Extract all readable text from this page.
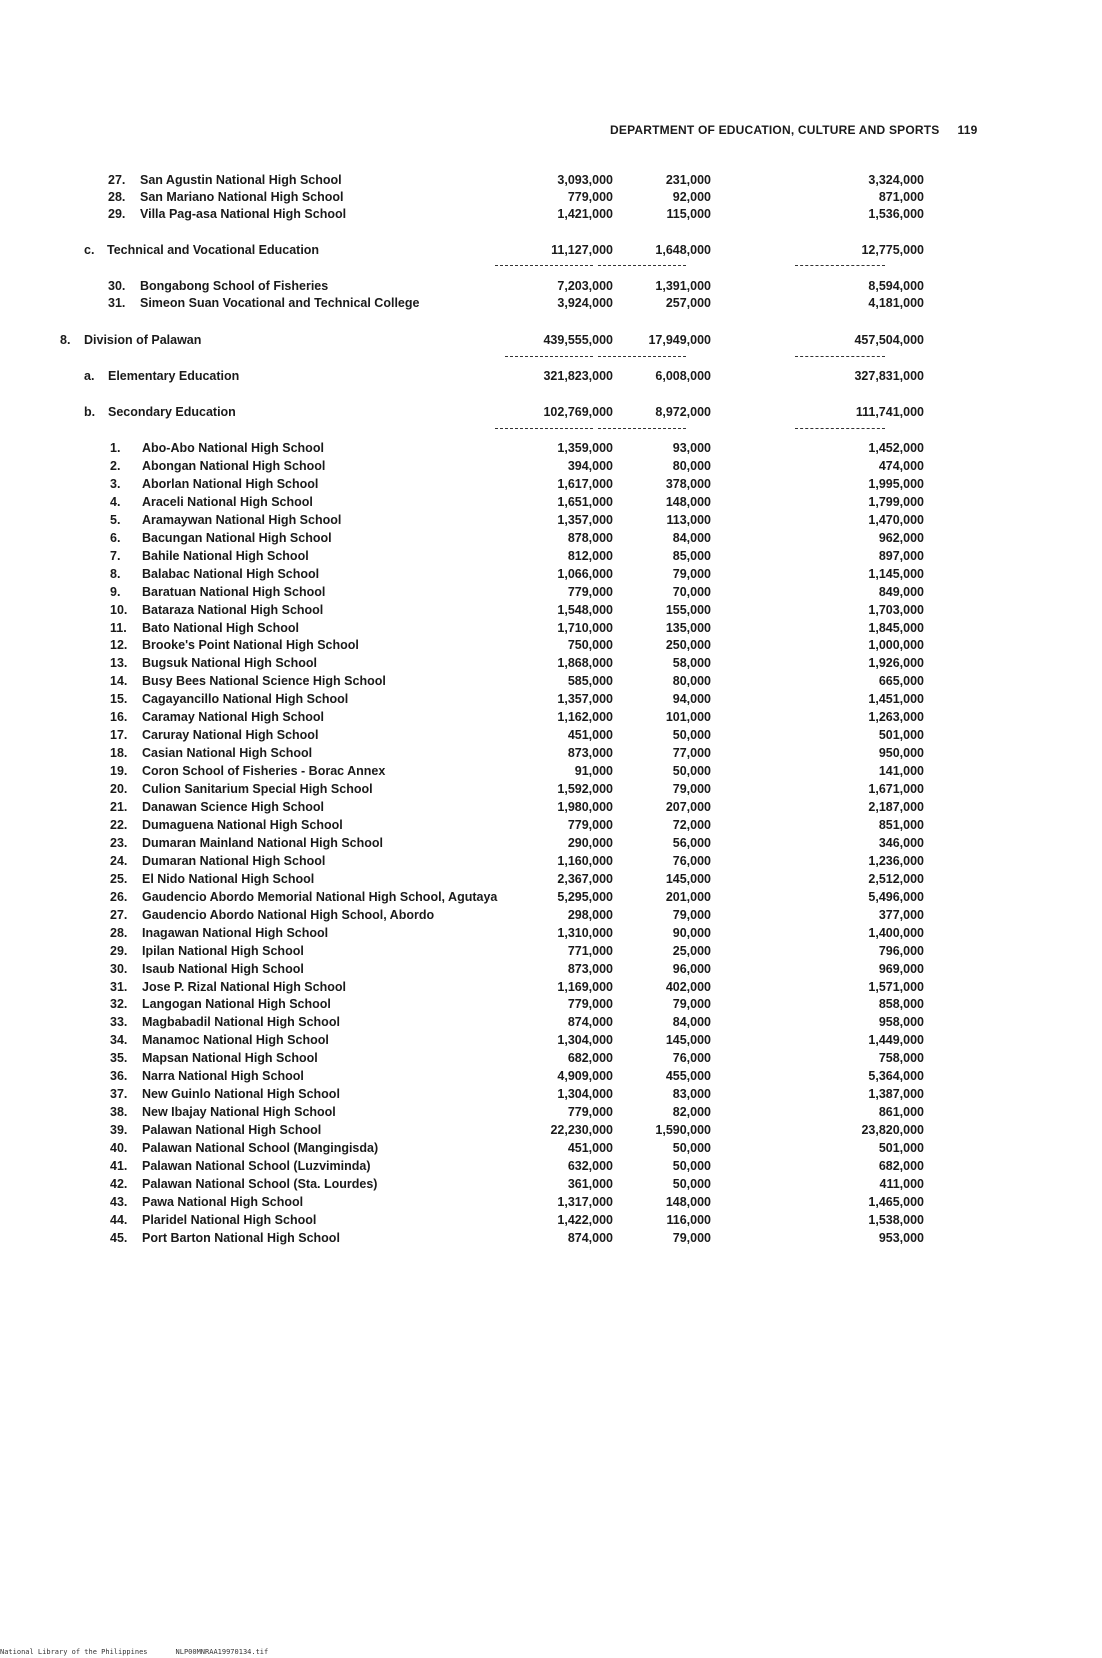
DEPARTMENT OF EDUCATION, CULTURE AND SPORTS 119
27. San Agustin National High School	3,093,000	231,000	3,324,000
28. San Mariano National High School	779,000	92,000	871,000
29. Villa Pag-asa National High School	1,421,000	115,000	1,536,000
c. Technical and Vocational Education	11,127,000	1,648,000	12,775,000
30. Bongabong School of Fisheries	7,203,000	1,391,000	8,594,000
31. Simeon Suan Vocational and Technical College	3,924,000	257,000	4,181,000
8. Division of Palawan	439,555,000	17,949,000	457,504,000
a. Elementary Education	321,823,000	6,008,000	327,831,000
b. Secondary Education	102,769,000	8,972,000	111,741,000
1. Abo-Abo National High School	1,359,000	93,000	1,452,000
2. Abongan National High School	394,000	80,000	474,000
3. Aborlan National High School	1,617,000	378,000	1,995,000
4. Araceli National High School	1,651,000	148,000	1,799,000
5. Aramaywan National High School	1,357,000	113,000	1,470,000
6. Bacungan National High School	878,000	84,000	962,000
7. Bahile National High School	812,000	85,000	897,000
8. Balabac National High School	1,066,000	79,000	1,145,000
9. Baratuan National High School	779,000	70,000	849,000
10. Bataraza National High School	1,548,000	155,000	1,703,000
11. Bato National High School	1,710,000	135,000	1,845,000
12. Brooke's Point National High School	750,000	250,000	1,000,000
13. Bugsuk National High School	1,868,000	58,000	1,926,000
14. Busy Bees National Science High School	585,000	80,000	665,000
15. Cagayancillo National High School	1,357,000	94,000	1,451,000
16. Caramay National High School	1,162,000	101,000	1,263,000
17. Caruray National High School	451,000	50,000	501,000
18. Casian National High School	873,000	77,000	950,000
19. Coron School of Fisheries - Borac Annex	91,000	50,000	141,000
20. Culion Sanitarium Special High School	1,592,000	79,000	1,671,000
21. Danawan Science High School	1,980,000	207,000	2,187,000
22. Dumaguena National High School	779,000	72,000	851,000
23. Dumaran Mainland National High School	290,000	56,000	346,000
24. Dumaran National High School	1,160,000	76,000	1,236,000
25. El Nido National High School	2,367,000	145,000	2,512,000
26. Gaudencio Abordo Memorial National High School, Agutaya	5,295,000	201,000	5,496,000
27. Gaudencio Abordo National High School, Abordo	298,000	79,000	377,000
28. Inagawan National High School	1,310,000	90,000	1,400,000
29. Ipilan National High School	771,000	25,000	796,000
30. Isaub National High School	873,000	96,000	969,000
31. Jose P. Rizal National High School	1,169,000	402,000	1,571,000
32. Langogan National High School	779,000	79,000	858,000
33. Magbabadil National High School	874,000	84,000	958,000
34. Manamoc National High School	1,304,000	145,000	1,449,000
35. Mapsan National High School	682,000	76,000	758,000
36. Narra National High School	4,909,000	455,000	5,364,000
37. New Guinlo National High School	1,304,000	83,000	1,387,000
38. New Ibajay National High School	779,000	82,000	861,000
39. Palawan National High School	22,230,000	1,590,000	23,820,000
40. Palawan National School (Mangingisda)	451,000	50,000	501,000
41. Palawan National School (Luzviminda)	632,000	50,000	682,000
42. Palawan National School (Sta. Lourdes)	361,000	50,000	411,000
43. Pawa National High School	1,317,000	148,000	1,465,000
44. Plaridel National High School	1,422,000	116,000	1,538,000
45. Port Barton National High School	874,000	79,000	953,000
National Library of the Philippines	NLP00MNRAA19970134.tif
